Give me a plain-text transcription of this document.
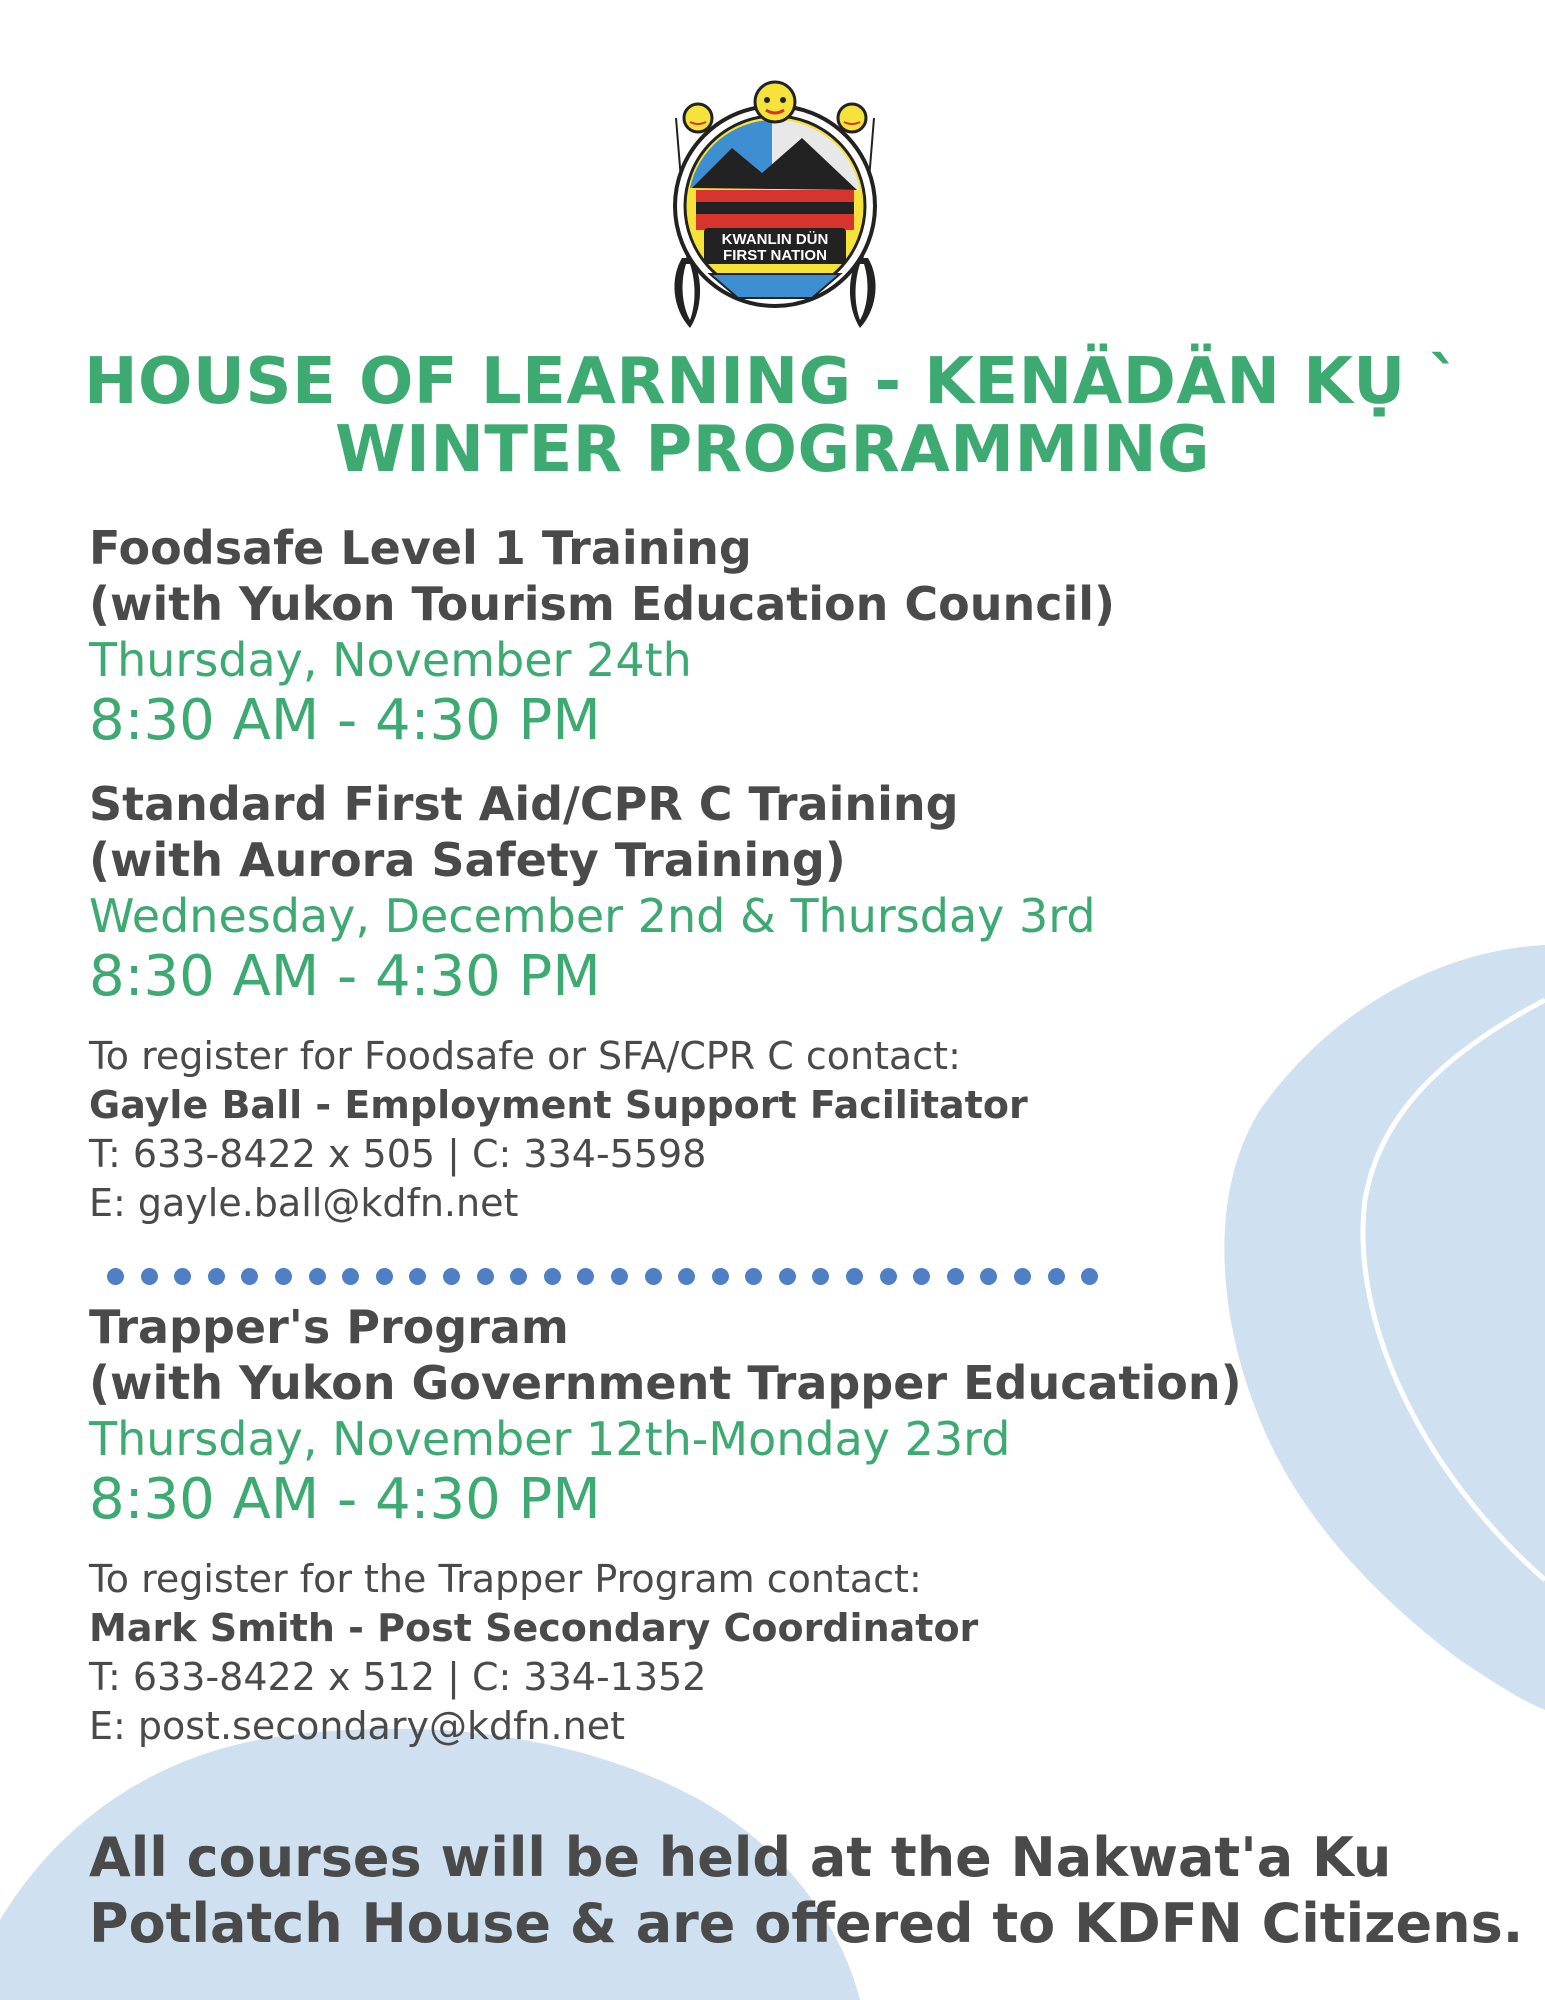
KWANLIN DÜN
FIRST NATION
HOUSE OF LEARNING - KENÄDÄN KỤ `
WINTER PROGRAMMING
Foodsafe Level 1 Training
(with Yukon Tourism Education Council)
Thursday, November 24th
8:30 AM - 4:30 PM
Standard First Aid/CPR C Training
(with Aurora Safety Training)
Wednesday, December 2nd & Thursday 3rd
8:30 AM - 4:30 PM
To register for Foodsafe or SFA/CPR C contact:
Gayle Ball - Employment Support Facilitator
T: 633-8422 x 505 | C: 334-5598
E: gayle.ball@kdfn.net
Trapper's Program
(with Yukon Government Trapper Education)
Thursday, November 12th-Monday 23rd
8:30 AM - 4:30 PM
To register for the Trapper Program contact:
Mark Smith - Post Secondary Coordinator
T: 633-8422 x 512 | C: 334-1352
E: post.secondary@kdfn.net
All courses will be held at the Nakwat'a Ku
Potlatch House & are offered to KDFN Citizens.
